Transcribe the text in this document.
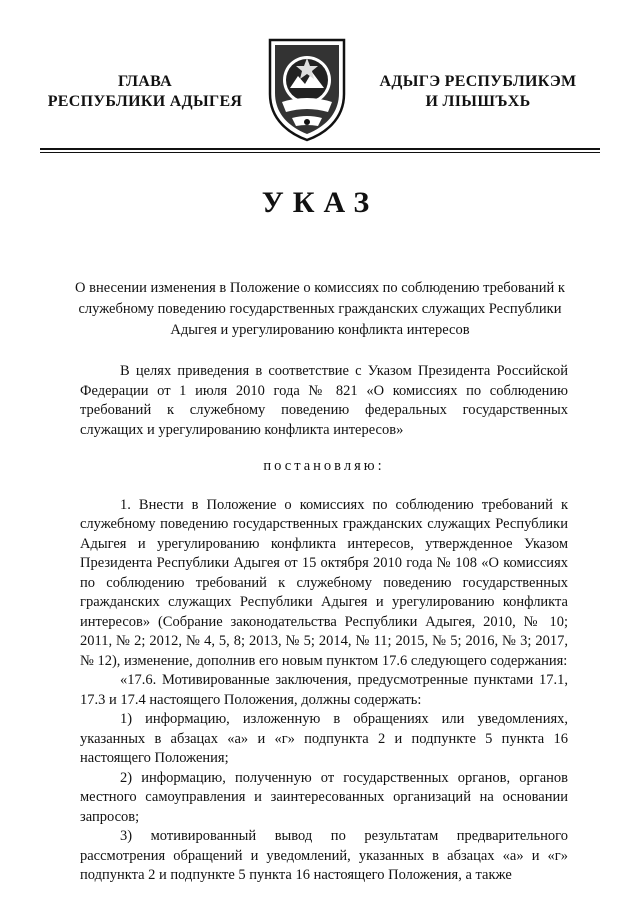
ГЛАВА
РЕСПУБЛИКИ АДЫГЕЯ
АДЫГЭ РЕСПУБЛИКЭМ
И ЛІЫШЪХЬ
УКАЗ
О внесении изменения в Положение о комиссиях по соблюдению требований к служебному поведению государственных гражданских служащих Республики Адыгея и урегулированию конфликта интересов

В целях приведения в соответствие с Указом Президента Российской Федерации от 1 июля 2010 года № 821 «О комиссиях по соблюдению требований к служебному поведению федеральных государственных служащих и урегулированию конфликта интересов»

постановляю:

1. Внести в Положение о комиссиях по соблюдению требований к служебному поведению государственных гражданских служащих Республики Адыгея и урегулированию конфликта интересов, утвержденное Указом Президента Республики Адыгея от 15 октября 2010 года № 108 «О комиссиях по соблюдению требований к служебному поведению государственных гражданских служащих Республики Адыгея и урегулированию конфликта интересов» (Собрание законодательства Республики Адыгея, 2010, № 10; 2011, № 2; 2012, № 4, 5, 8; 2013, № 5; 2014, № 11; 2015, № 5; 2016, № 3; 2017, № 12), изменение, дополнив его новым пунктом 17.6 следующего содержания:

«17.6. Мотивированные заключения, предусмотренные пунктами 17.1, 17.3 и 17.4 настоящего Положения, должны содержать:

1) информацию, изложенную в обращениях или уведомлениях, указанных в абзацах «а» и «г» подпункта 2 и подпункте 5 пункта 16 настоящего Положения;

2) информацию, полученную от государственных органов, органов местного самоуправления и заинтересованных организаций на основании запросов;

3) мотивированный вывод по результатам предварительного рассмотрения обращений и уведомлений, указанных в абзацах «а» и «г» подпункта 2 и подпункте 5 пункта 16 настоящего Положения, а также
